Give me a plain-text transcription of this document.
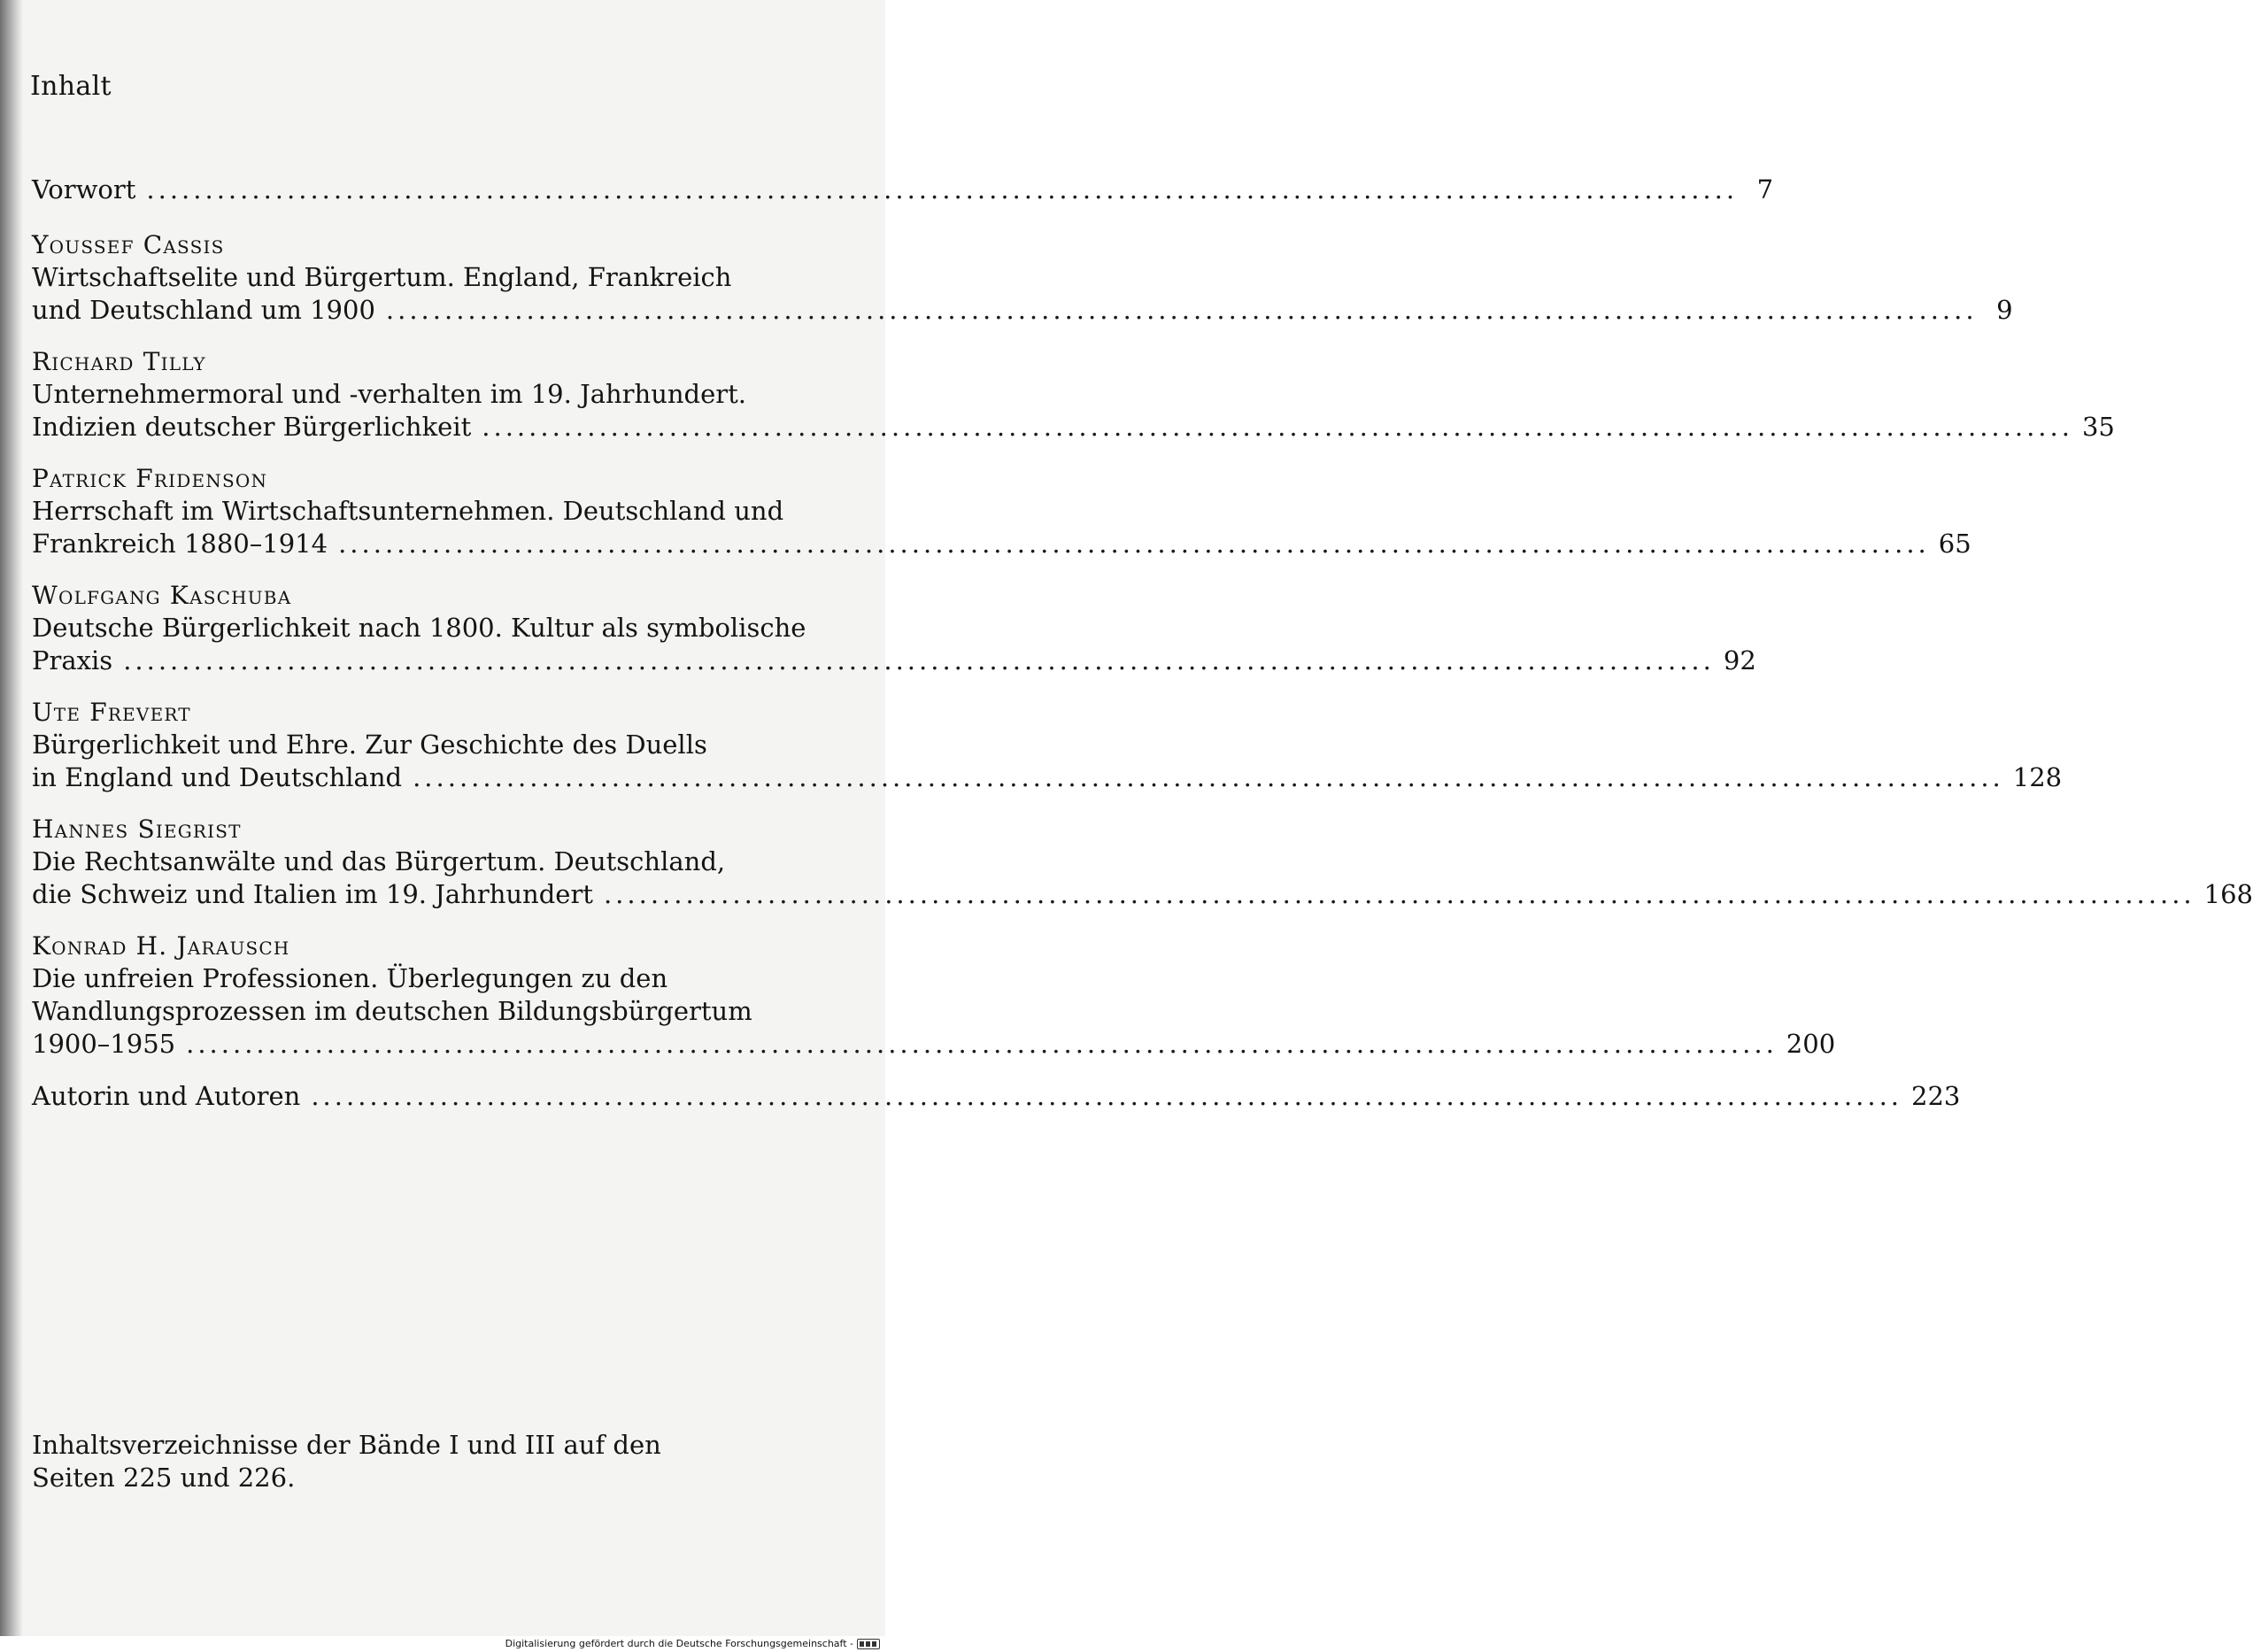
Inhalt
Vorwort ........................................................................................................................................ 7
Youssef Cassis
Wirtschaftselite und Bürgertum. England, Frankreich
und Deutschland um 1900 ........................................................................................................................................ 9
Richard Tilly
Unternehmermoral und -verhalten im 19. Jahrhundert.
Indizien deutscher Bürgerlichkeit ........................................................................................................................................ 35
Patrick Fridenson
Herrschaft im Wirtschaftsunternehmen. Deutschland und
Frankreich 1880–1914 ........................................................................................................................................ 65
Wolfgang Kaschuba
Deutsche Bürgerlichkeit nach 1800. Kultur als symbolische
Praxis ........................................................................................................................................ 92
Ute Frevert
Bürgerlichkeit und Ehre. Zur Geschichte des Duells
in England und Deutschland ........................................................................................................................................ 128
Hannes Siegrist
Die Rechtsanwälte und das Bürgertum. Deutschland,
die Schweiz und Italien im 19. Jahrhundert ........................................................................................................................................ 168
Konrad H. Jarausch
Die unfreien Professionen. Überlegungen zu den
Wandlungsprozessen im deutschen Bildungsbürgertum
1900–1955 ........................................................................................................................................ 200
Autorin und Autoren ........................................................................................................................................ 223
Inhaltsverzeichnisse der Bände I und III auf den
Seiten 225 und 226.
Digitalisierung gefördert durch die Deutsche Forschungsgemeinschaft -
